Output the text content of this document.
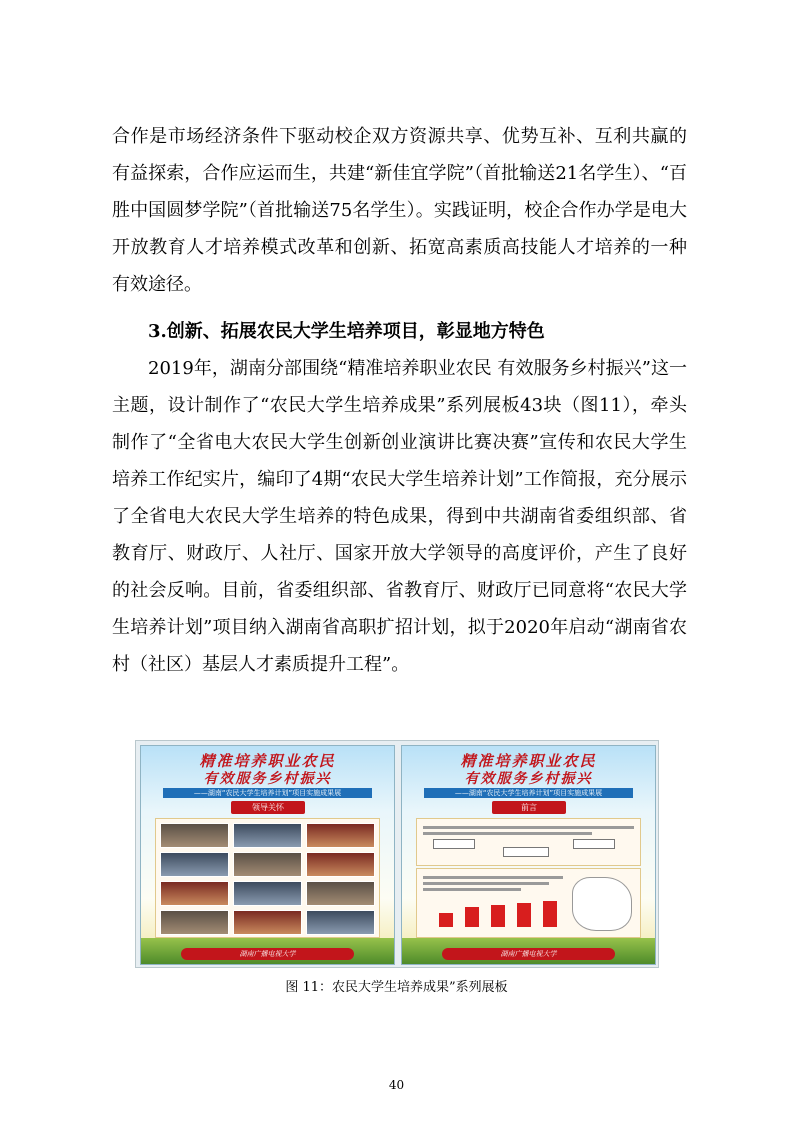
合作是市场经济条件下驱动校企双方资源共享、优势互补、互利共赢的有益探索，合作应运而生，共建“新佳宜学院”（首批输送21名学生）、“百胜中国圆梦学院”（首批输送75名学生）。实践证明，校企合作办学是电大开放教育人才培养模式改革和创新、拓宽高素质高技能人才培养的一种有效途径。

3.创新、拓展农民大学生培养项目，彰显地方特色

2019年，湖南分部围绕“精准培养职业农民 有效服务乡村振兴”这一主题，设计制作了“农民大学生培养成果”系列展板43块（图11），牵头制作了“全省电大农民大学生创新创业演讲比赛决赛”宣传和农民大学生培养工作纪实片，编印了4期“农民大学生培养计划”工作简报，充分展示了全省电大农民大学生培养的特色成果，得到中共湖南省委组织部、省教育厅、财政厅、人社厅、国家开放大学领导的高度评价，产生了良好的社会反响。目前，省委组织部、省教育厅、财政厅已同意将“农民大学生培养计划”项目纳入湖南省高职扩招计划，拟于2020年启动“湖南省农村（社区）基层人才素质提升工程”。

精准培养职业农民
有效服务乡村振兴
——湖南“农民大学生培养计划”项目实施成果展
领导关怀
湖南广播电视大学
精准培养职业农民
有效服务乡村振兴
——湖南“农民大学生培养计划”项目实施成果展
前言
湖南广播电视大学
图 11：农民大学生培养成果”系列展板
40
